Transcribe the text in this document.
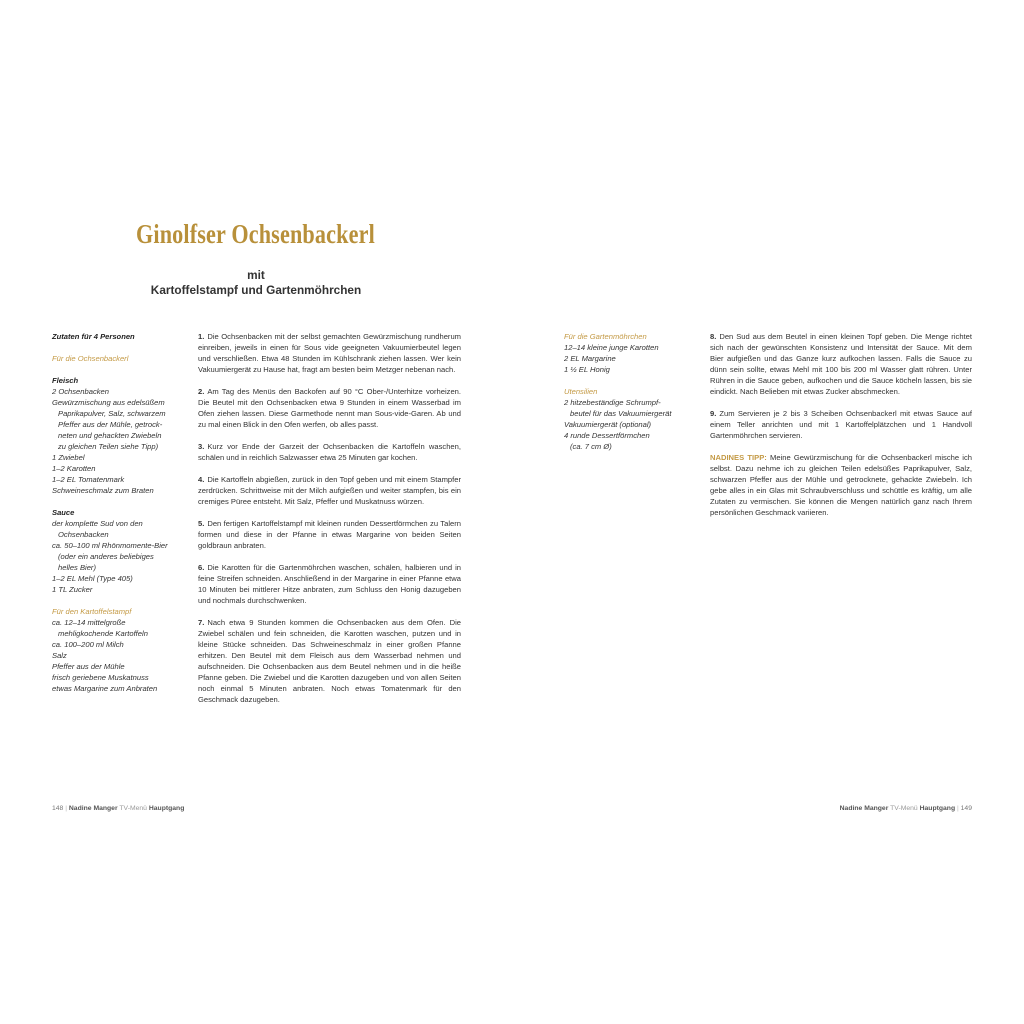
Ginolfser Ochsenbackerl
mit
Kartoffelstampf und Gartenmöhrchen
Zutaten für 4 Personen
Für die Ochsenbackerl
Fleisch
2 Ochsenbacken
Gewürzmischung aus edelsüßem
Paprikapulver, Salz, schwarzem
Pfeffer aus der Mühle, getrock-
neten und gehackten Zwiebeln
zu gleichen Teilen siehe Tipp)
1 Zwiebel
1–2 Karotten
1–2 EL Tomatenmark
Schweineschmalz zum Braten
Sauce
der komplette Sud von den
Ochsenbacken
ca. 50–100 ml Rhönmomente-Bier
(oder ein anderes beliebiges
helles Bier)
1–2 EL Mehl (Type 405)
1 TL Zucker
Für den Kartoffelstampf
ca. 12–14 mittelgroße
mehligkochende Kartoffeln
ca. 100–200 ml Milch
Salz
Pfeffer aus der Mühle
frisch geriebene Muskatnuss
etwas Margarine zum Anbraten

1. Die Ochsenbacken mit der selbst gemachten Gewürzmischung rundherum einreiben, jeweils in einen für Sous vide geeigneten Vakuumierbeutel legen und verschließen. Etwa 48 Stunden im Kühlschrank ziehen lassen. Wer kein Vakuumiergerät zu Hause hat, fragt am besten beim Metzger nebenan nach.

2. Am Tag des Menüs den Backofen auf 90 °C Ober-/Unterhitze vorheizen. Die Beutel mit den Ochsenbacken etwa 9 Stunden in einem Wasserbad im Ofen ziehen lassen. Diese Garmethode nennt man Sous-vide-Garen. Ab und zu mal einen Blick in den Ofen werfen, ob alles passt.

3. Kurz vor Ende der Garzeit der Ochsenbacken die Kartoffeln waschen, schälen und in reichlich Salzwasser etwa 25 Minuten gar kochen.

4. Die Kartoffeln abgießen, zurück in den Topf geben und mit einem Stampfer zerdrücken. Schrittweise mit der Milch aufgießen und weiter stampfen, bis ein cremiges Püree entsteht. Mit Salz, Pfeffer und Muskatnuss würzen.

5. Den fertigen Kartoffelstampf mit kleinen runden Dessertförmchen zu Talern formen und diese in der Pfanne in etwas Margarine von beiden Seiten goldbraun anbraten.

6. Die Karotten für die Gartenmöhrchen waschen, schälen, halbieren und in feine Streifen schneiden. Anschließend in der Margarine in einer Pfanne etwa 10 Minuten bei mittlerer Hitze anbraten, zum Schluss den Honig dazugeben und nochmals durchschwenken.

7. Nach etwa 9 Stunden kommen die Ochsenbacken aus dem Ofen. Die Zwiebel schälen und fein schneiden, die Karotten waschen, putzen und in kleine Stücke schneiden. Das Schweineschmalz in einer großen Pfanne erhitzen. Den Beutel mit dem Fleisch aus dem Wasserbad nehmen und aufschneiden. Die Ochsenbacken aus dem Beutel nehmen und in die heiße Pfanne geben. Die Zwiebel und die Karotten dazugeben und von allen Seiten noch einmal 5 Minuten anbraten. Noch etwas Tomatenmark für den Geschmack dazugeben.

Für die Gartenmöhrchen
12–14 kleine junge Karotten
2 EL Margarine
1 ½ EL Honig
Utensilien
2 hitzebeständige Schrumpf-
beutel für das Vakuumiergerät
Vakuumiergerät (optional)
4 runde Dessertförmchen
(ca. 7 cm Ø)

8. Den Sud aus dem Beutel in einen kleinen Topf geben. Die Menge richtet sich nach der gewünschten Konsistenz und Intensität der Sauce. Mit dem Bier aufgießen und das Ganze kurz aufkochen lassen. Falls die Sauce zu dünn sein sollte, etwas Mehl mit 100 bis 200 ml Wasser glatt rühren. Unter Rühren in die Sauce geben, aufkochen und die Sauce köcheln lassen, bis sie eindickt. Nach Belieben mit etwas Zucker abschmecken.

9. Zum Servieren je 2 bis 3 Scheiben Ochsenbackerl mit etwas Sauce auf einem Teller anrichten und mit 1 Kartoffelplätzchen und 1 Handvoll Gartenmöhrchen servieren.

NADINES TIPP: Meine Gewürzmischung für die Ochsenbackerl mische ich selbst. Dazu nehme ich zu gleichen Teilen edelsüßes Paprikapulver, Salz, schwarzen Pfeffer aus der Mühle und getrocknete, gehackte Zwiebeln. Ich gebe alles in ein Glas mit Schraubverschluss und schüttle es kräftig, um alle Zutaten zu vermischen. Sie können die Mengen natürlich ganz nach Ihrem persönlichen Geschmack variieren.

148 | Nadine Manger TV-Menü Hauptgang	Nadine Manger TV-Menü Hauptgang | 149
